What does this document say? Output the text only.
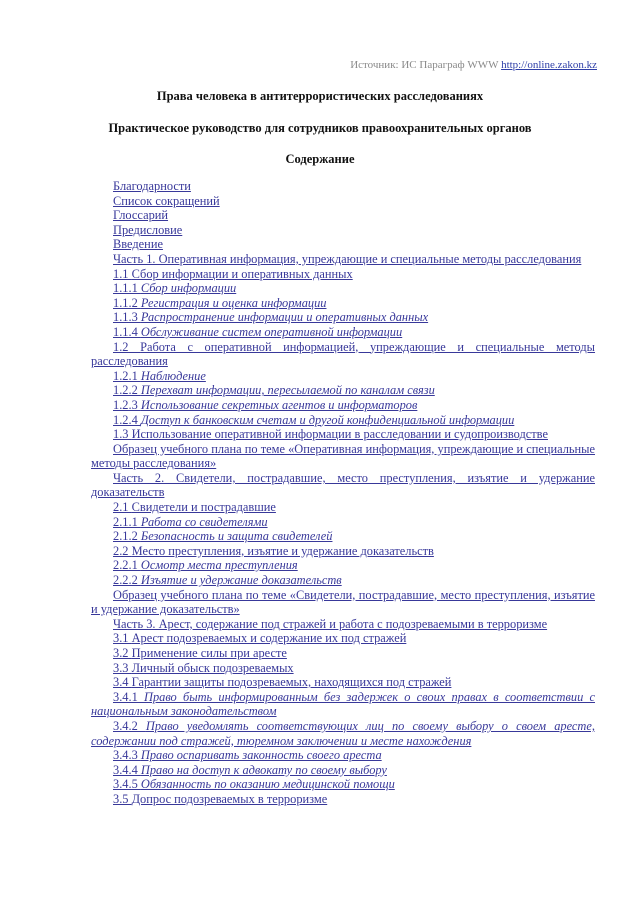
Источник: ИС Параграф WWW http://online.zakon.kz
Права человека в антитеррористических расследованиях
Практическое руководство для сотрудников правоохранительных органов
Содержание
Благодарности
Список сокращений
Глоссарий
Предисловие
Введение
Часть 1. Оперативная информация, упреждающие и специальные методы расследования
1.1 Сбор информации и оперативных данных
1.1.1 Сбор информации
1.1.2 Регистрация и оценка информации
1.1.3 Распространение информации и оперативных данных
1.1.4 Обслуживание систем оперативной информации
1.2 Работа с оперативной информацией, упреждающие и специальные методы расследования
1.2.1 Наблюдение
1.2.2 Перехват информации, пересылаемой по каналам связи
1.2.3 Использование секретных агентов и информаторов
1.2.4 Доступ к банковским счетам и другой конфиденциальной информации
1.3 Использование оперативной информации в расследовании и судопроизводстве
Образец учебного плана по теме «Оперативная информация, упреждающие и специальные методы расследования»
Часть 2. Свидетели, пострадавшие, место преступления, изъятие и удержание доказательств
2.1 Свидетели и пострадавшие
2.1.1 Работа со свидетелями
2.1.2 Безопасность и защита свидетелей
2.2 Место преступления, изъятие и удержание доказательств
2.2.1 Осмотр места преступления
2.2.2 Изъятие и удержание доказательств
Образец учебного плана по теме «Свидетели, пострадавшие, место преступления, изъятие и удержание доказательств»
Часть 3. Арест, содержание под стражей и работа с подозреваемыми в терроризме
3.1 Арест подозреваемых и содержание их под стражей
3.2 Применение силы при аресте
3.3 Личный обыск подозреваемых
3.4 Гарантии защиты подозреваемых, находящихся под стражей
3.4.1 Право быть информированным без задержек о своих правах в соответствии с национальным законодательством
3.4.2 Право уведомлять соответствующих лиц по своему выбору о своем аресте, содержании под стражей, тюремном заключении и месте нахождения
3.4.3 Право оспаривать законность своего ареста
3.4.4 Право на доступ к адвокату по своему выбору
3.4.5 Обязанность по оказанию медицинской помощи
3.5 Допрос подозреваемых в терроризме
